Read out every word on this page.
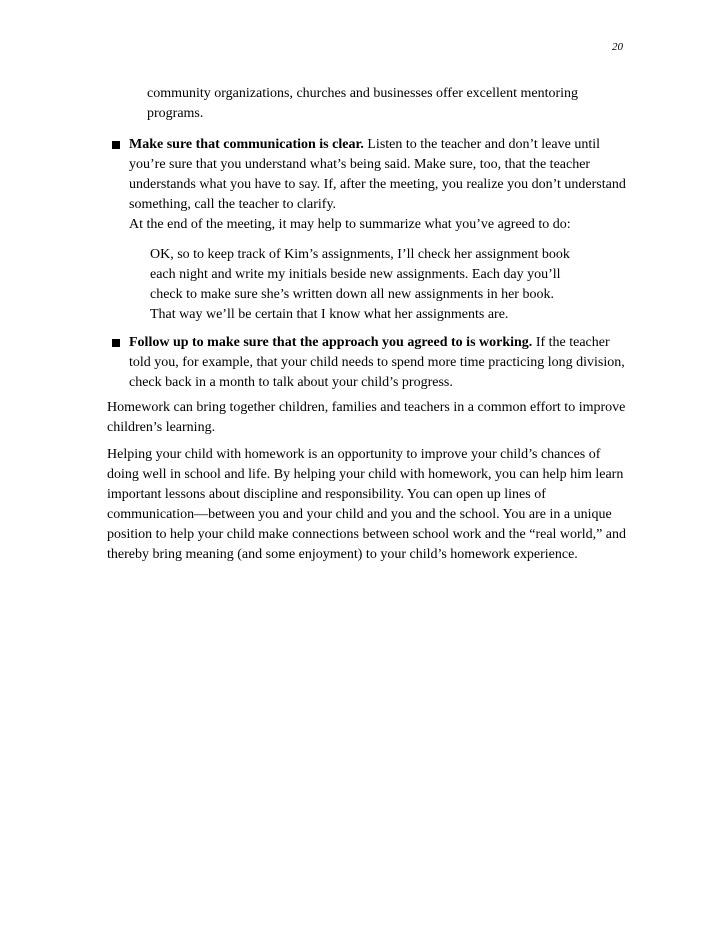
20

community organizations, churches and businesses offer excellent mentoring programs.

Make sure that communication is clear. Listen to the teacher and don’t leave until you’re sure that you understand what’s being said. Make sure, too, that the teacher understands what you have to say. If, after the meeting, you realize you don’t understand something, call the teacher to clarify.

At the end of the meeting, it may help to summarize what you’ve agreed to do:

OK, so to keep track of Kim’s assignments, I’ll check her assignment book each night and write my initials beside new assignments. Each day you’ll check to make sure she’s written down all new assignments in her book. That way we’ll be certain that I know what her assignments are.

Follow up to make sure that the approach you agreed to is working. If the teacher told you, for example, that your child needs to spend more time practicing long division, check back in a month to talk about your child’s progress.

Homework can bring together children, families and teachers in a common effort to improve children’s learning.

Helping your child with homework is an opportunity to improve your child’s chances of doing well in school and life. By helping your child with homework, you can help him learn important lessons about discipline and responsibility. You can open up lines of communication—between you and your child and you and the school. You are in a unique position to help your child make connections between school work and the “real world,” and thereby bring meaning (and some enjoyment) to your child’s homework experience.
